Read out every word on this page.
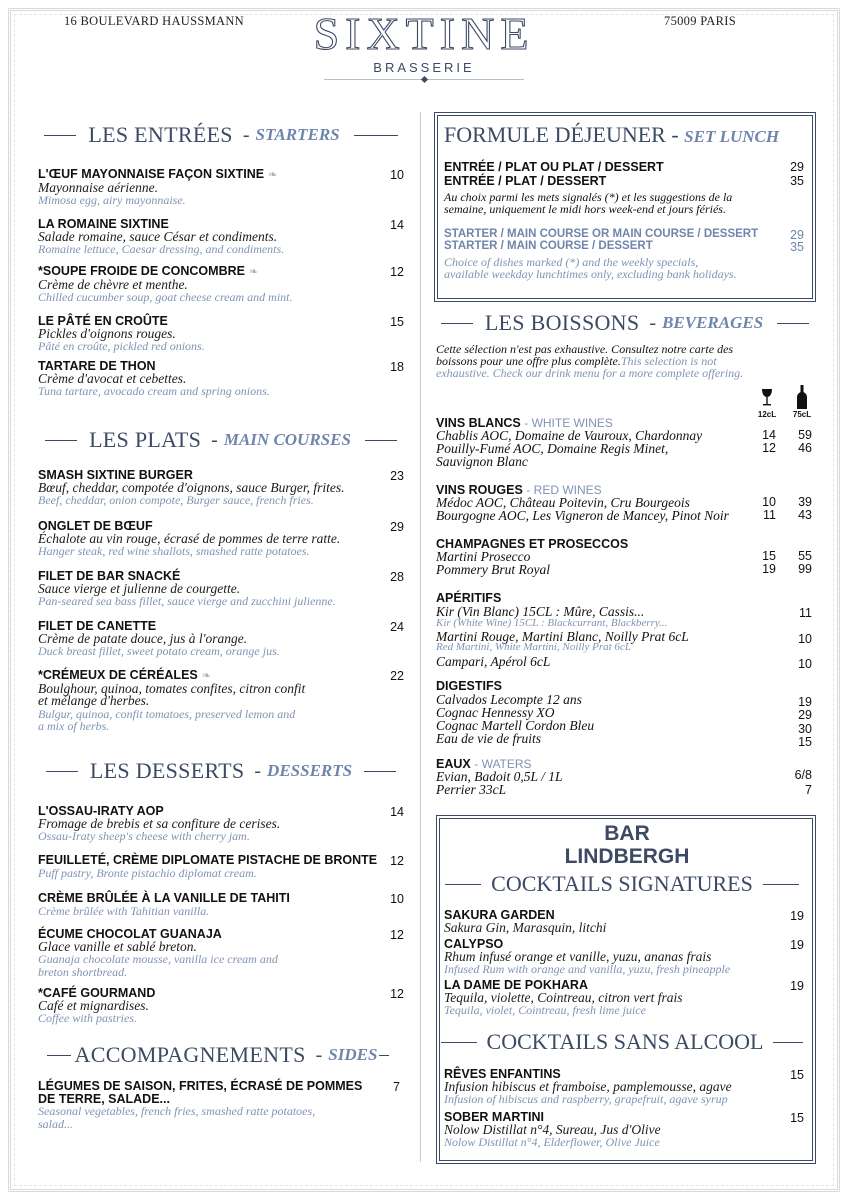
16 BOULEVARD HAUSSMANN	75009 PARIS
SIXTINE
BRASSERIE
LES ENTRÉES - STARTERS
L'ŒUF MAYONNAISE FAÇON SIXTINE ❧
Mayonnaise aérienne.
Mimosa egg, airy mayonnaise.
10
LA ROMAINE SIXTINE
Salade romaine, sauce César et condiments.
Romaine lettuce, Caesar dressing, and condiments.
14
*SOUPE FROIDE DE CONCOMBRE ❧
Crème de chèvre et menthe.
Chilled cucumber soup, goat cheese cream and mint.
12
LE PÂTÉ EN CROÛTE
Pickles d'oignons rouges.
Pâté en croûte, pickled red onions.
15
TARTARE DE THON
Crème d'avocat et cebettes.
Tuna tartare, avocado cream and spring onions.
18
LES PLATS - MAIN COURSES
SMASH SIXTINE BURGER
Bœuf, cheddar, compotée d'oignons, sauce Burger, frites.
Beef, cheddar, onion compote, Burger sauce, french fries.
23
ONGLET DE BŒUF
Échalote au vin rouge, écrasé de pommes de terre ratte.
Hanger steak, red wine shallots, smashed ratte potatoes.
29
FILET DE BAR SNACKÉ
Sauce vierge et julienne de courgette.
Pan-seared sea bass fillet, sauce vierge and zucchini julienne.
28
FILET DE CANETTE
Crème de patate douce, jus à l'orange.
Duck breast fillet, sweet potato cream, orange jus.
24
*CRÉMEUX DE CÉRÉALES ❧
Boulghour, quinoa, tomates confites, citron confit
et mélange d'herbes.
Bulgur, quinoa, confit tomatoes, preserved lemon and
a mix of herbs.
22
LES DESSERTS - DESSERTS
L'OSSAU-IRATY AOP
Fromage de brebis et sa confiture de cerises.
Ossau-Iraty sheep's cheese with cherry jam.
14
FEUILLETÉ, CRÈME DIPLOMATE PISTACHE DE BRONTE
Puff pastry, Bronte pistachio diplomat cream.
12
CRÈME BRÛLÉE À LA VANILLE DE TAHITI
Crème brûlée with Tahitian vanilla.
10
ÉCUME CHOCOLAT GUANAJA
Glace vanille et sablé breton.
Guanaja chocolate mousse, vanilla ice cream and
breton shortbread.
12
*CAFÉ GOURMAND
Café et mignardises.
Coffee with pastries.
12
ACCOMPAGNEMENTS - SIDES
LÉGUMES DE SAISON, FRITES, ÉCRASÉ DE POMMES
DE TERRE, SALADE...
Seasonal vegetables, french fries, smashed ratte potatoes,
salad...
7
FORMULE DÉJEUNER - SET LUNCH
ENTRÉE / PLAT OU PLAT / DESSERT	29
ENTRÉE / PLAT / DESSERT	35
Au choix parmi les mets signalés (*) et les suggestions de la
semaine, uniquement le midi hors week-end et jours fériés.
STARTER / MAIN COURSE OR MAIN COURSE / DESSERT	29
STARTER / MAIN COURSE / DESSERT	35
Choice of dishes marked (*) and the weekly specials,
available weekday lunchtimes only, excluding bank holidays.
LES BOISSONS - BEVERAGES
Cette sélection n'est pas exhaustive. Consultez notre carte des
boissons pour une offre plus complète.This selection is not
exhaustive. Check our drink menu for a more complete offering.
12cL 75cL
VINS BLANCS - WHITE WINES
Chablis AOC, Domaine de Vauroux, Chardonnay	14	59
Pouilly-Fumé AOC, Domaine Regis Minet,
Sauvignon Blanc
12	46
VINS ROUGES - RED WINES
Médoc AOC, Château Poitevin, Cru Bourgeois	10	39
Bourgogne AOC, Les Vigneron de Mancey, Pinot Noir	11	43
CHAMPAGNES ET PROSECCOS
Martini Prosecco	15	55
Pommery Brut Royal	19	99
APÉRITIFS
Kir (Vin Blanc) 15CL : Mûre, Cassis...
Kir (White Wine) 15CL : Blackcurrant, Blackberry...
11
Martini Rouge, Martini Blanc, Noilly Prat 6cL
Red Martini, White Martini, Noilly Prat 6cL
10
Campari, Apérol 6cL	10
DIGESTIFS
Calvados Lecompte 12 ans	19
Cognac Hennessy XO	29
Cognac Martell Cordon Bleu	30
Eau de vie de fruits	15
EAUX - WATERS
Evian, Badoit 0,5L / 1L	6/8
Perrier 33cL	7
BAR
LINDBERGH
COCKTAILS SIGNATURES
SAKURA GARDEN
Sakura Gin, Marasquin, litchi
19
CALYPSO
Rhum infusé orange et vanille, yuzu, ananas frais
Infused Rum with orange and vanilla, yuzu, fresh pineapple
19
LA DAME DE POKHARA
Tequila, violette, Cointreau, citron vert frais
Tequila, violet, Cointreau, fresh lime juice
19
COCKTAILS SANS ALCOOL
RÊVES ENFANTINS
Infusion hibiscus et framboise, pamplemousse, agave
Infusion of hibiscus and raspberry, grapefruit, agave syrup
15
SOBER MARTINI
Nolow Distillat n°4, Sureau, Jus d'Olive
Nolow Distillat n°4, Elderflower, Olive Juice
15
